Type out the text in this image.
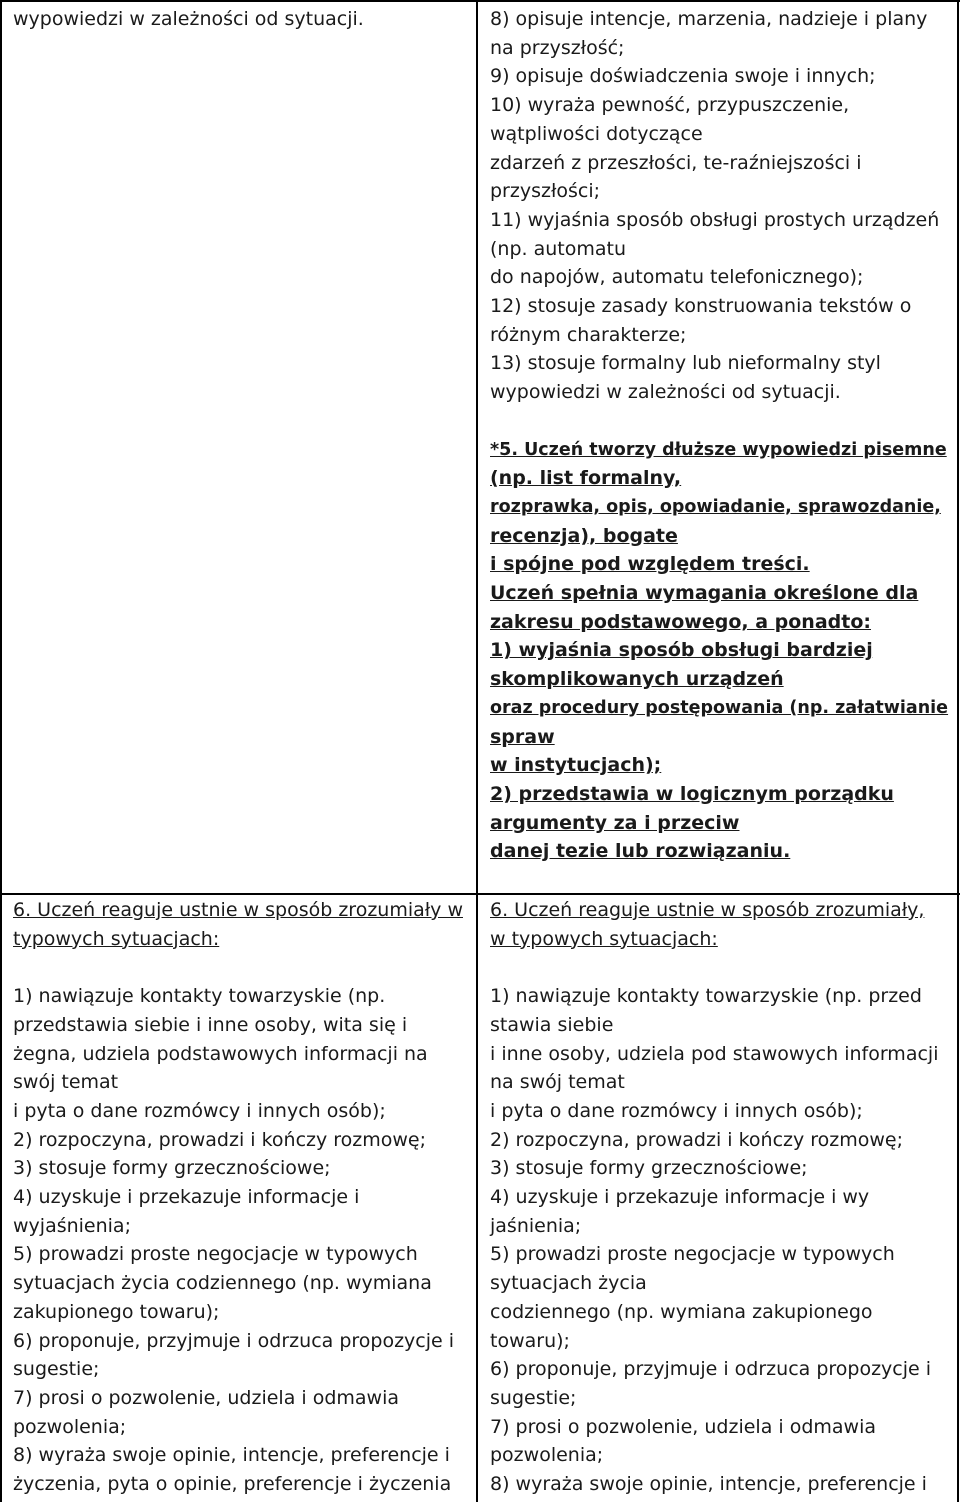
wypowiedzi w zależności od sytuacji.	8) opisuje intencje, marzenia, nadzieje i plany
na przyszłość;
9) opisuje doświadczenia swoje i innych;
10) wyraża pewność, przypuszczenie,
wątpliwości dotyczące
zdarzeń z przeszłości, te-raźniejszości i
przyszłości;
11) wyjaśnia sposób obsługi prostych urządzeń
(np. automatu
do napojów, automatu telefonicznego);
12) stosuje zasady konstruowania tekstów o
różnym charakterze;
13) stosuje formalny lub nieformalny styl
wypowiedzi w zależności od sytuacji.
*5. Uczeń tworzy dłuższe wypowiedzi pisemne
(np. list formalny,
rozprawka, opis, opowiadanie, sprawozdanie,
recenzja), bogate
i spójne pod względem treści.
Uczeń spełnia wymagania określone dla
zakresu podstawowego, a ponadto:
1) wyjaśnia sposób obsługi bardziej
skomplikowanych urządzeń
oraz procedury postępowania (np. załatwianie
spraw
w instytucjach);
2) przedstawia w logicznym porządku
argumenty za i przeciw
danej tezie lub rozwiązaniu.
6. Uczeń reaguje ustnie w sposób zrozumiały w
typowych sytuacjach:
1) nawiązuje kontakty towarzyskie (np.
przedstawia siebie i inne osoby, wita się i
żegna, udziela podstawowych informacji na
swój temat
i pyta o dane rozmówcy i innych osób);
2) rozpoczyna, prowadzi i kończy rozmowę;
3) stosuje formy grzecznościowe;
4) uzyskuje i przekazuje informacje i
wyjaśnienia;
5) prowadzi proste negocjacje w typowych
sytuacjach życia codziennego (np. wymiana
zakupionego towaru);
6) proponuje, przyjmuje i odrzuca propozycje i
sugestie;
7) prosi o pozwolenie, udziela i odmawia
pozwolenia;
8) wyraża swoje opinie, intencje, preferencje i
życzenia, pyta o opinie, preferencje i życzenia
6. Uczeń reaguje ustnie w sposób zrozumiały,
w typowych sytuacjach:
1) nawiązuje kontakty towarzyskie (np. przed
stawia siebie
i inne osoby, udziela pod stawowych informacji
na swój temat
i pyta o dane rozmówcy i innych osób);
2) rozpoczyna, prowadzi i kończy rozmowę;
3) stosuje formy grzecznościowe;
4) uzyskuje i przekazuje informacje i wy
jaśnienia;
5) prowadzi proste negocjacje w typowych
sytuacjach życia
codziennego (np. wymiana zakupionego
towaru);
6) proponuje, przyjmuje i odrzuca propozycje i
sugestie;
7) prosi o pozwolenie, udziela i odmawia
pozwolenia;
8) wyraża swoje opinie, intencje, preferencje i
